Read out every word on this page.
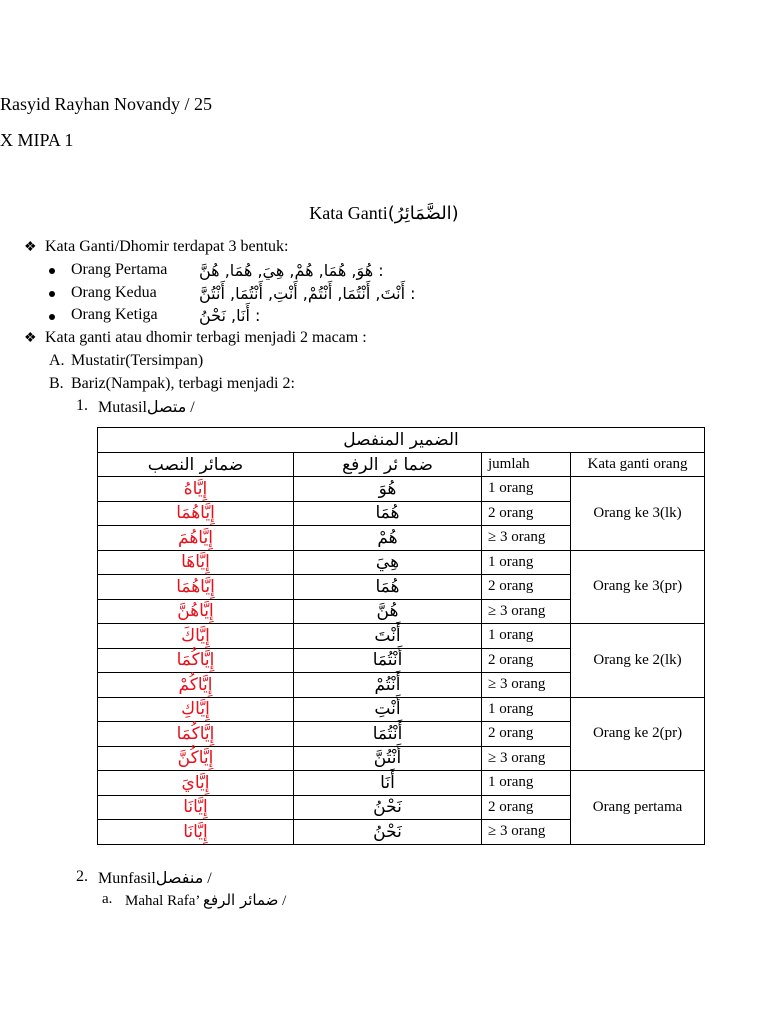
Rasyid Rayhan Novandy / 25
X MIPA 1
Kata Ganti(الضَّمَائِرُ)
❖ Kata Ganti/Dhomir terdapat 3 bentuk:
Orang Pertama : هُوَ, هُمَا, هُمْ, هِيَ, هُمَا, هُنَّ
Orang Kedua	: أَنْتَ, أَنْتُمَا, أَنْتُمْ, أَنْتِ, أَنْتُمَا, أَنْتُنَّ
Orang Ketiga	: أَنَا, نَحْنُ
❖ Kata ganti atau dhomir terbagi menjadi 2 macam :
A. Mustatir(Tersimpan)
B. Bariz(Nampak), terbagi menjadi 2:
1. Mutasilمتصل /
الضمير المنفصل			
ضمائر النصب	ضما ئر الرفع	jumlah	Kata ganti orang
إِيَّاهُ	هُوَ	1 orang	Orang ke 3(lk)
إِيَّاهُمَا	هُمَا	2 orang	
إِيَّاهُمَ	هُمْ	≥ 3 orang	
إِيَّاهَا	هِيَ	1 orang	Orang ke 3(pr)
إِيَّاهُمَا	هُمَا	2 orang	
إِيَّاهُنَّ	هُنَّ	≥ 3 orang	
إِيَّاكَ	أَنْتَ	1 orang	Orang ke 2(lk)
إِيَّاكُمَا	أَنْتُمَا	2 orang	
إِيَّاكُمْ	أَنْتُمْ	≥ 3 orang	
إِيَّاكِ	أَنْتِ	1 orang	Orang ke 2(pr)
إِيَّاكُمَا	أَنْتُمَا	2 orang	
إِيَّاكُنَّ	أَنْتُنَّ	≥ 3 orang	
إِيَّايَ	أَنَا	1 orang	Orang pertama
إِيَّانَا	نَحْنُ	2 orang	
إِيَّانَا	نَحْنُ	≥ 3 orang	
2. Munfasilمنفصل /
a. Mahal Rafa’ ضمائر الرفع /
